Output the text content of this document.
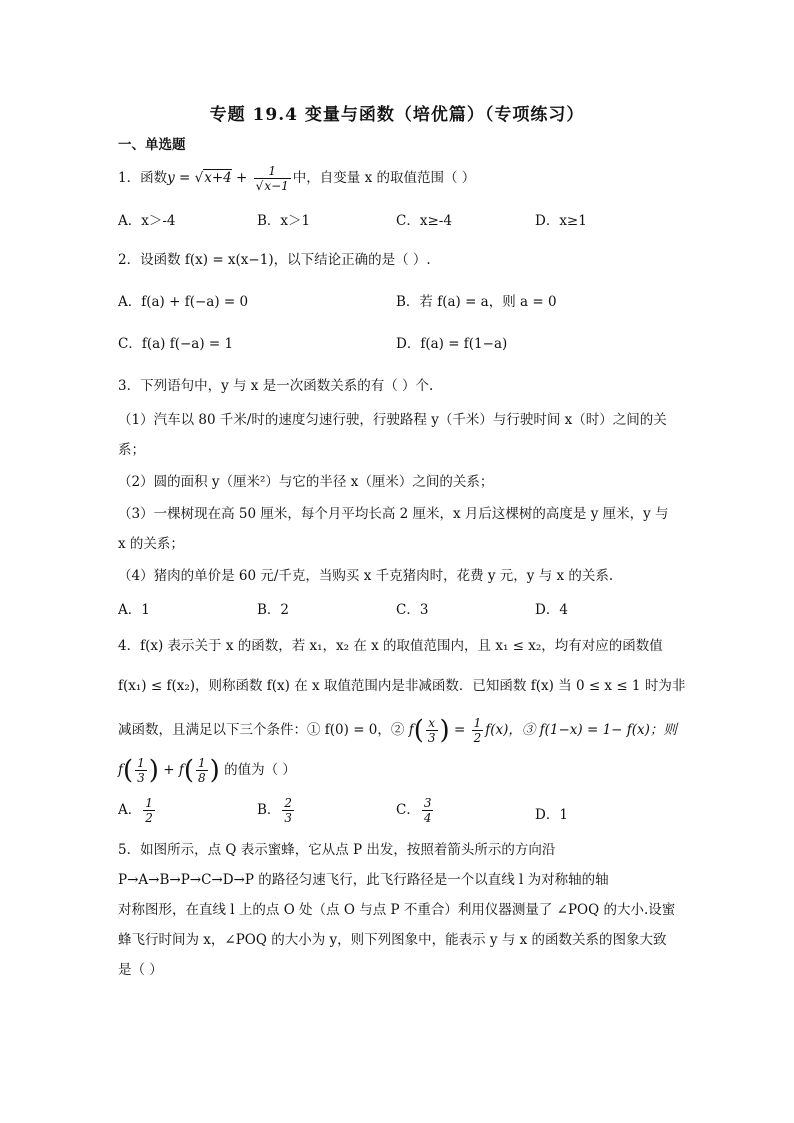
专题 19.4 变量与函数（培优篇）（专项练习）
一、单选题
1．函数$y = √x+4 + \frac{1}{√x-1}$ 中，自变量 x 的取值范围（ ）
A．x＞-4	B．x＞1	C．x≥-4	D．x≥1
2．设函数 f(x) = x(x−1)，以下结论正确的是（ ）.
A．f(a) + f(−a) = 0	B．若 f(a) = a，则 a = 0
C．f(a) f(−a) = 1	D．f(a) = f(1−a)
3．下列语句中，y 与 x 是一次函数关系的有（ ）个.
（1）汽车以 80 千米/时的速度匀速行驶，行驶路程 y（千米）与行驶时间 x（时）之间的关
系；
（2）圆的面积 y（厘米²）与它的半径 x（厘米）之间的关系；
（3）一棵树现在高 50 厘米，每个月平均长高 2 厘米，x 月后这棵树的高度是 y 厘米，y 与
x 的关系；
（4）猪肉的单价是 60 元/千克，当购买 x 千克猪肉时，花费 y 元，y 与 x 的关系.
A．1	B．2	C．3	D．4
4．f(x) 表示关于 x 的函数，若 x₁，x₂ 在 x 的取值范围内，且 x₁ ≤ x₂，均有对应的函数值
f(x₁) ≤ f(x₂)，则称函数 f(x) 在 x 取值范围内是非减函数．已知函数 f(x) 当 0 ≤ x ≤ 1 时为非
减函数，且满足以下三个条件：① f(0) = 0，② $f( \frac{x}{3}$ ) = $\frac{1}{2} f(x)$，③ f(1−x) = 1− f(x)；则
$f( \frac{1}{3}$ ) + $f( \frac{1}{8}$ ) 的值为（ ）
A． $\frac{1}{2}$	B． $\frac{2}{3}$	C． $\frac{3}{4}$	D．1
5．如图所示，点 Q 表示蜜蜂，它从点 P 出发，按照着箭头所示的方向沿
P→A→B→P→C→D→P 的路径匀速飞行，此飞行路径是一个以直线 l 为对称轴的轴
对称图形，在直线 l 上的点 O 处（点 O 与点 P 不重合）利用仪器测量了 ∠POQ 的大小.设蜜
蜂飞行时间为 x，∠POQ 的大小为 y，则下列图象中，能表示 y 与 x 的函数关系的图象大致
是（ ）
